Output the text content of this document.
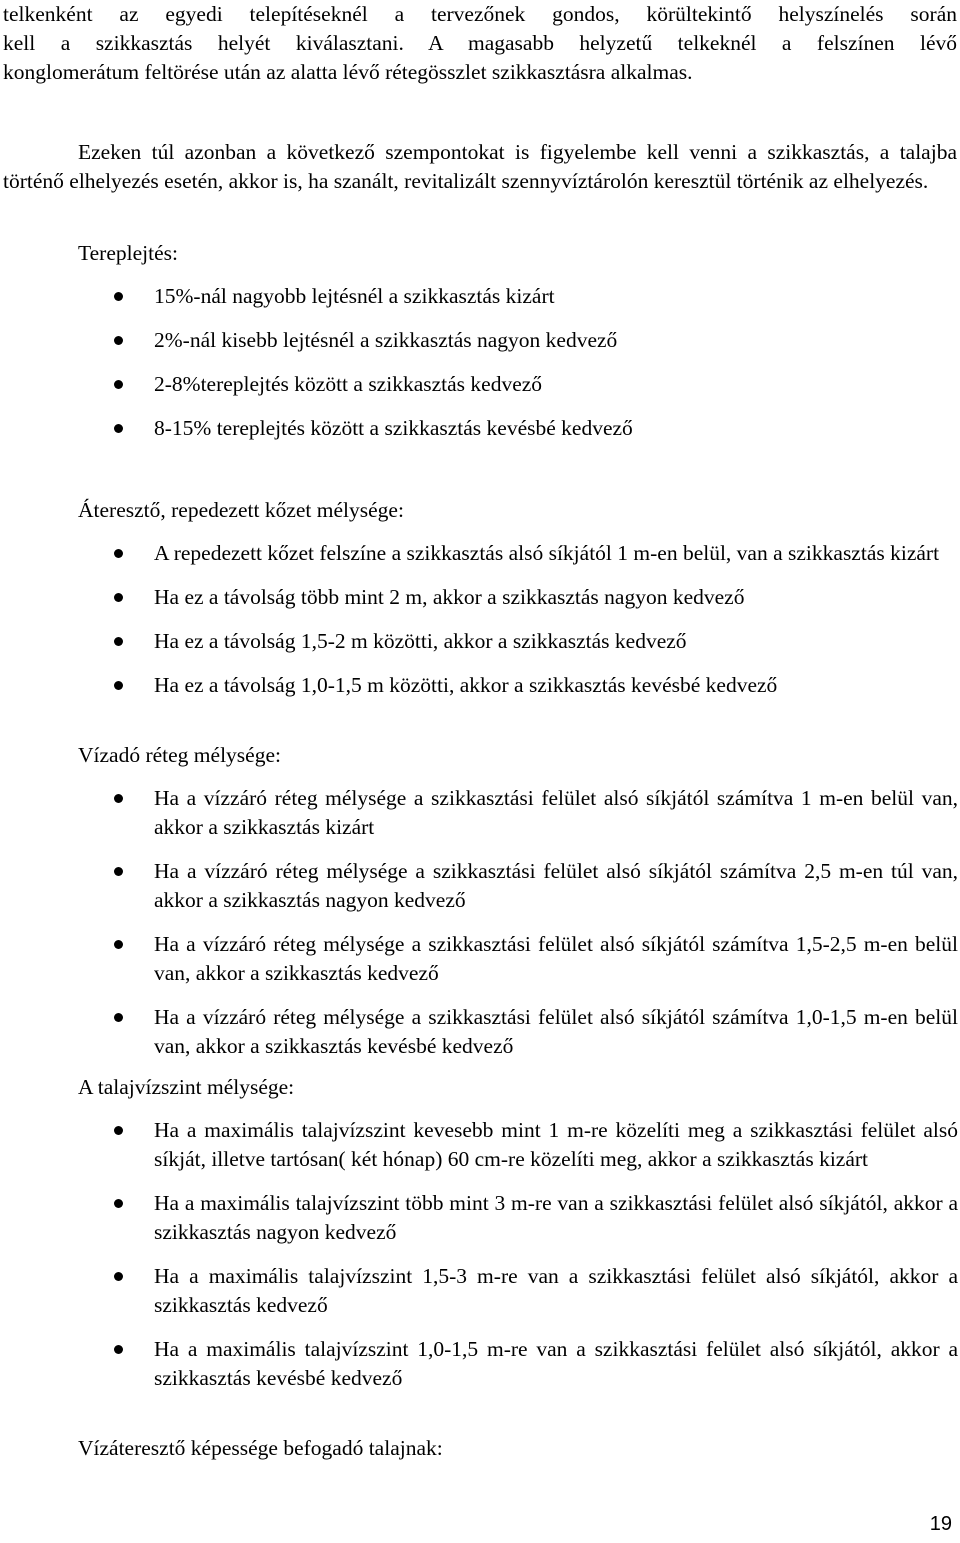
telkenként az egyedi telepítéseknél a tervezőnek gondos, körültekintő helyszínelés során

kell a szikkasztás helyét kiválasztani. A magasabb helyzetű telkeknél a felszínen lévő

konglomerátum feltörése után az alatta lévő rétegösszlet szikkasztásra alkalmas.

Ezeken túl azonban a következő szempontokat is figyelembe kell venni a szikkasztás, a talajba történő elhelyezés esetén, akkor is, ha szanált, revitalizált szennyvíztárolón keresztül történik az elhelyezés.

Tereplejtés:

15%-nál nagyobb lejtésnél a szikkasztás kizárt
2%-nál kisebb lejtésnél a szikkasztás nagyon kedvező
2-8%tereplejtés között a szikkasztás kedvező
8-15% tereplejtés között a szikkasztás kevésbé kedvező

Áteresztő, repedezett kőzet mélysége:

A repedezett kőzet felszíne a szikkasztás alsó síkjától 1 m-en belül, van a szikkasztás kizárt
Ha ez a távolság több mint 2 m, akkor a szikkasztás nagyon kedvező
Ha ez a távolság 1,5-2 m közötti, akkor a szikkasztás kedvező
Ha ez a távolság 1,0-1,5 m közötti, akkor a szikkasztás kevésbé kedvező

Vízadó réteg mélysége:

Ha a vízzáró réteg mélysége a szikkasztási felület alsó síkjától számítva 1 m-en belül van, akkor a szikkasztás kizárt
Ha a vízzáró réteg mélysége a szikkasztási felület alsó síkjától számítva 2,5 m-en túl van, akkor a szikkasztás nagyon kedvező
Ha a vízzáró réteg mélysége a szikkasztási felület alsó síkjától számítva 1,5-2,5 m-en belül van, akkor a szikkasztás kedvező
Ha a vízzáró réteg mélysége a szikkasztási felület alsó síkjától számítva 1,0-1,5 m-en belül van, akkor a szikkasztás kevésbé kedvező

A talajvízszint mélysége:

Ha a maximális talajvízszint kevesebb mint 1 m-re közelíti meg a szikkasztási felület alsó síkját, illetve tartósan( két hónap) 60 cm-re közelíti meg, akkor a szikkasztás kizárt
Ha a maximális talajvízszint több mint 3 m-re van a szikkasztási felület alsó síkjától, akkor a szikkasztás nagyon kedvező
Ha a maximális talajvízszint 1,5-3 m-re van a szikkasztási felület alsó síkjától, akkor a szikkasztás kedvező
Ha a maximális talajvízszint 1,0-1,5 m-re van a szikkasztási felület alsó síkjától, akkor a szikkasztás kevésbé kedvező

Vízáteresztő képessége befogadó talajnak:

19
